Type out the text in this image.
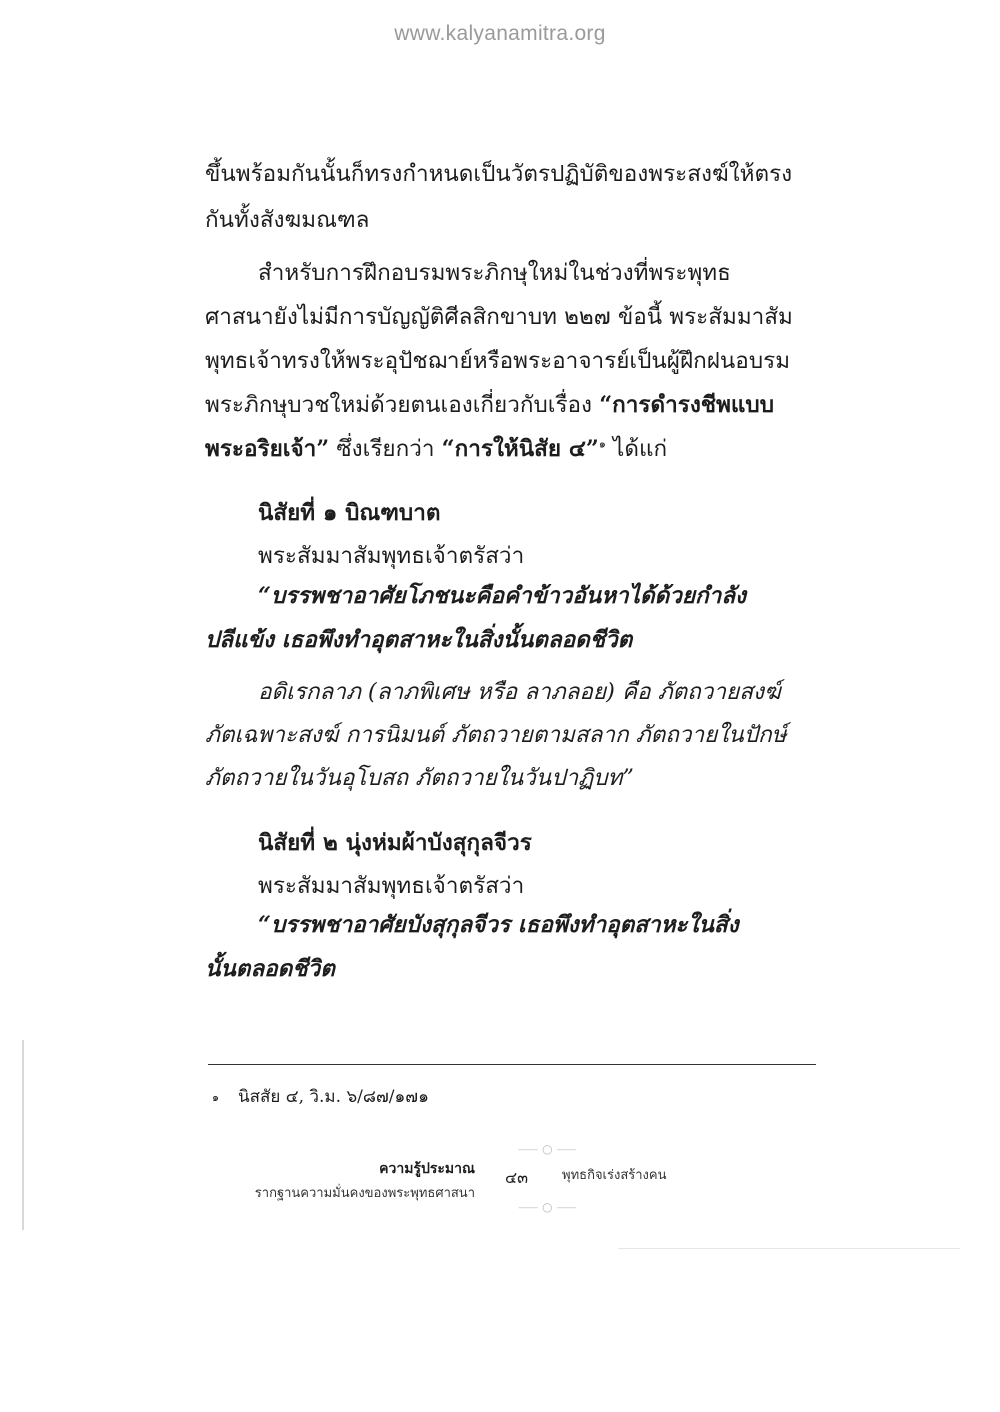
www.kalyanamitra.org
ขึ้นพร้อมกันนั้นก็ทรงกำหนดเป็นวัตรปฏิบัติของพระสงฆ์ให้ตรง
กันทั้งสังฆมณฑล
สำหรับการฝึกอบรมพระภิกษุใหม่ในช่วงที่พระพุทธ
ศาสนายังไม่มีการบัญญัติศีลสิกขาบท ๒๒๗ ข้อนี้ พระสัมมาสัม
พุทธเจ้าทรงให้พระอุปัชฌาย์หรือพระอาจารย์เป็นผู้ฝึกฝนอบรม
พระภิกษุบวชใหม่ด้วยตนเองเกี่ยวกับเรื่อง “การดำรงชีพแบบ
พระอริยเจ้า” ซึ่งเรียกว่า “การให้นิสัย ๔”$^๑$ ได้แก่
นิสัยที่ ๑ บิณฑบาต
พระสัมมาสัมพุทธเจ้าตรัสว่า
“บรรพชาอาศัยโภชนะคือคำข้าวอันหาได้ด้วยกำลัง
ปลีแข้ง เธอพึงทำอุตสาหะในสิ่งนั้นตลอดชีวิต
อดิเรกลาภ (ลาภพิเศษ หรือ ลาภลอย) คือ ภัตถวายสงฆ์
ภัตเฉพาะสงฆ์ การนิมนต์ ภัตถวายตามสลาก ภัตถวายในปักษ์
ภัตถวายในวันอุโบสถ ภัตถวายในวันปาฏิบท”
นิสัยที่ ๒ นุ่งห่มผ้าบังสุกุลจีวร
พระสัมมาสัมพุทธเจ้าตรัสว่า
“บรรพชาอาศัยบังสุกุลจีวร เธอพึงทำอุตสาหะในสิ่ง
นั้นตลอดชีวิต
๑ นิสสัย ๔, วิ.ม. ๖/๘๗/๑๗๑
⸺ ○ ⸺
ความรู้ประมาณ
รากฐานความมั่นคงของพระพุทธศาสนา
๔๓	พุทธกิจเร่งสร้างคน
⸺ ○ ⸺
